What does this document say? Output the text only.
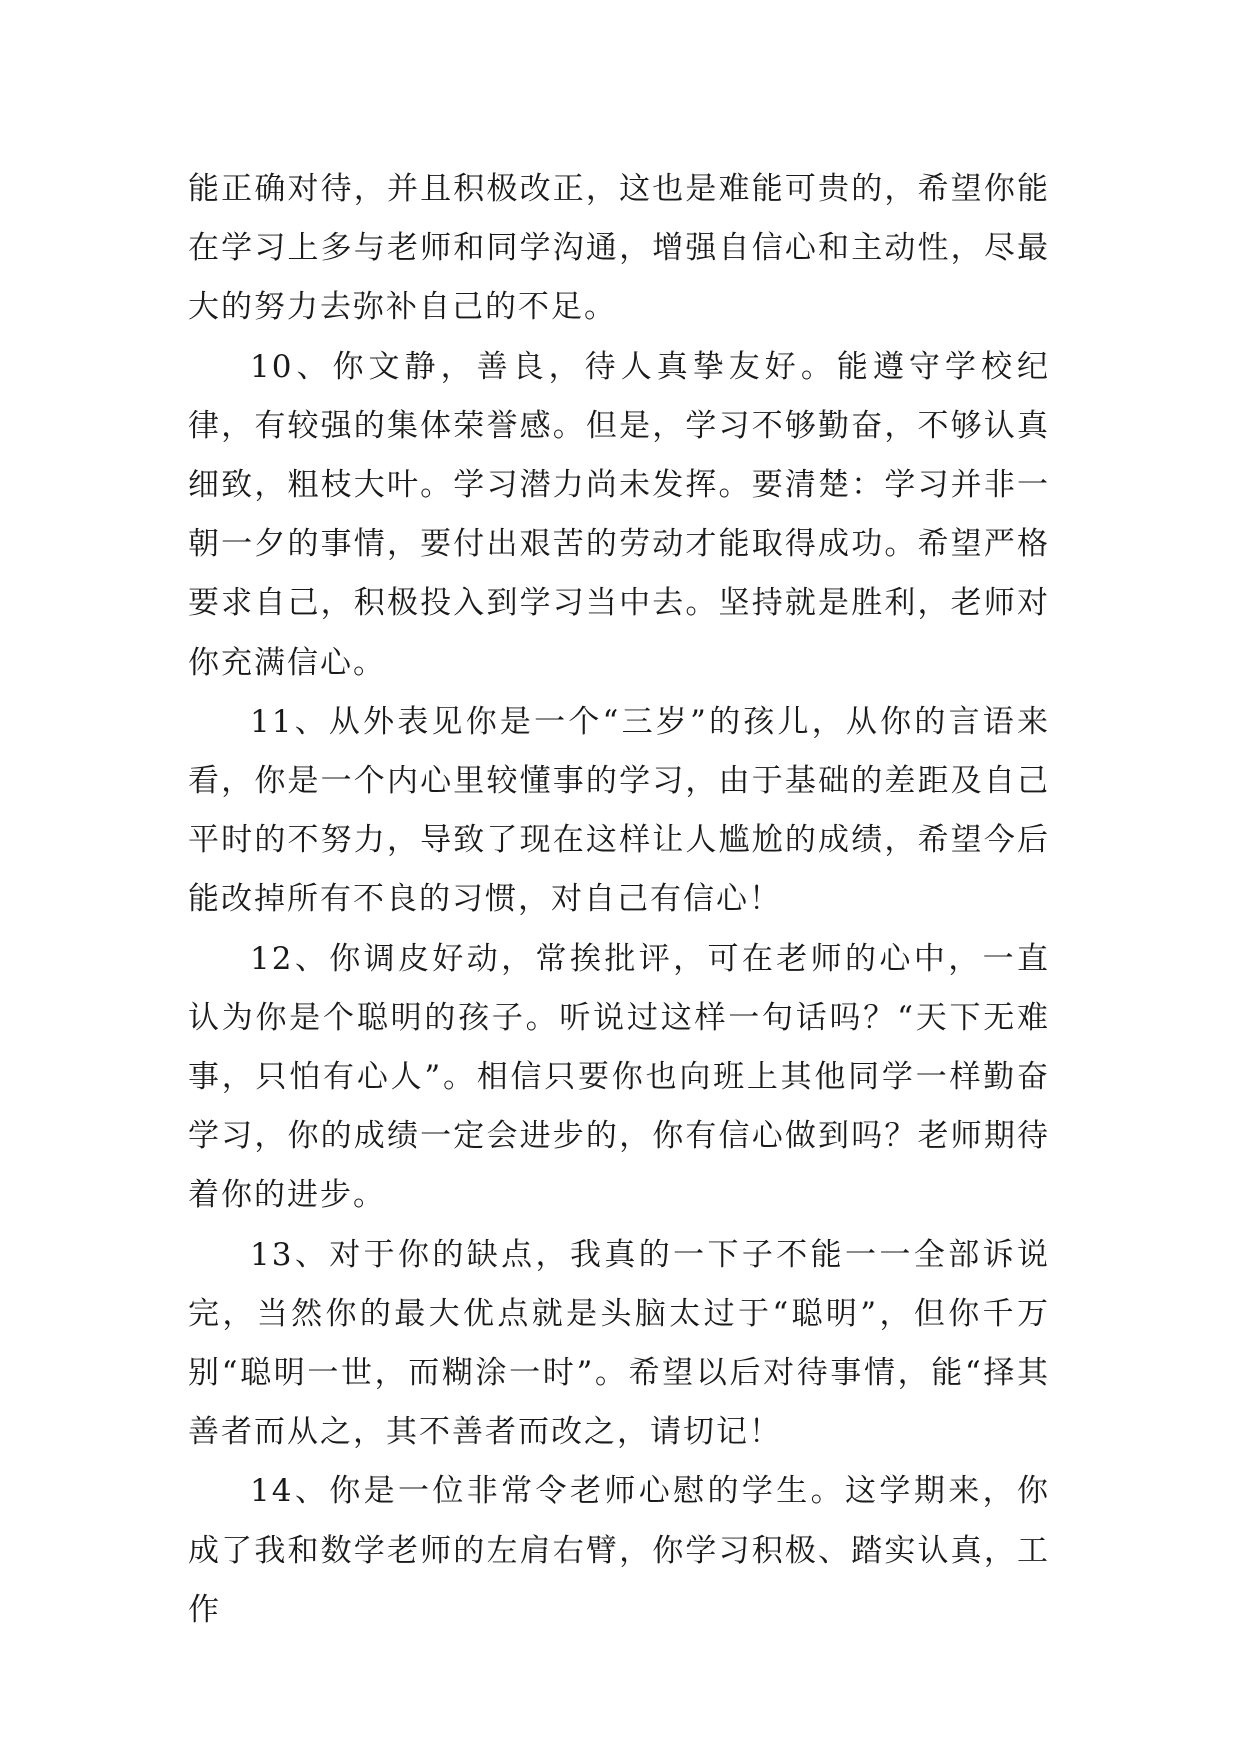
能正确对待，并且积极改正，这也是难能可贵的，希望你能在学习上多与老师和同学沟通，增强自信心和主动性，尽最大的努力去弥补自己的不足。

10、你文静，善良，待人真挚友好。能遵守学校纪律，有较强的集体荣誉感。但是，学习不够勤奋，不够认真细致，粗枝大叶。学习潜力尚未发挥。要清楚：学习并非一朝一夕的事情，要付出艰苦的劳动才能取得成功。希望严格要求自己，积极投入到学习当中去。坚持就是胜利，老师对你充满信心。

11、从外表见你是一个“三岁”的孩儿，从你的言语来看，你是一个内心里较懂事的学习，由于基础的差距及自己平时的不努力，导致了现在这样让人尴尬的成绩，希望今后能改掉所有不良的习惯，对自己有信心！

12、你调皮好动，常挨批评，可在老师的心中，一直认为你是个聪明的孩子。听说过这样一句话吗？“天下无难事，只怕有心人”。相信只要你也向班上其他同学一样勤奋学习，你的成绩一定会进步的，你有信心做到吗？老师期待着你的进步。

13、对于你的缺点，我真的一下子不能一一全部诉说完，当然你的最大优点就是头脑太过于“聪明”，但你千万别“聪明一世，而糊涂一时”。希望以后对待事情，能“择其善者而从之，其不善者而改之，请切记！

14、你是一位非常令老师心慰的学生。这学期来，你成了我和数学老师的左肩右臂，你学习积极、踏实认真，工作
